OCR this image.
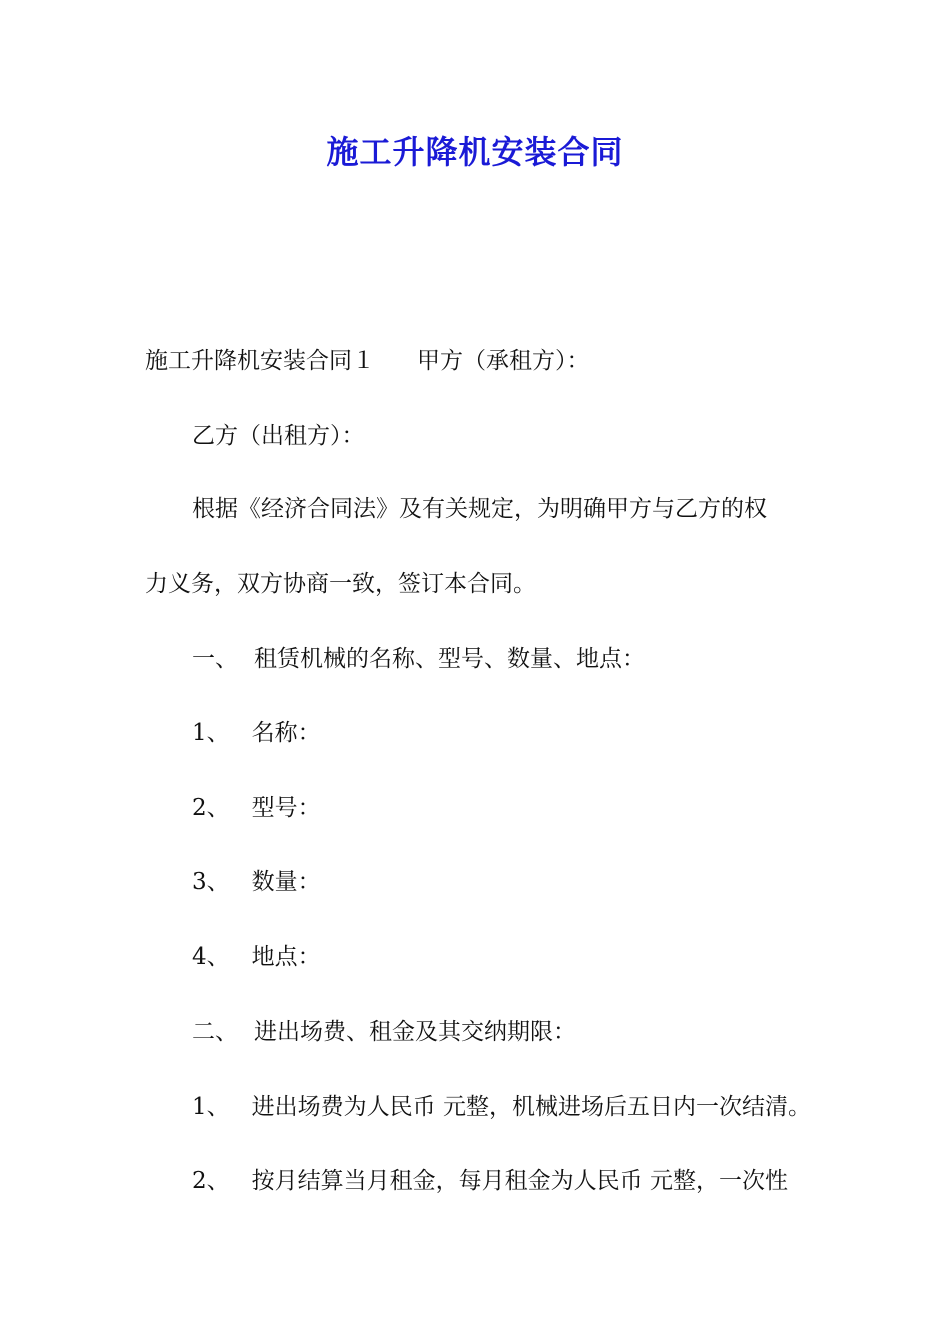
施工升降机安装合同
施工升降机安装合同１ 甲方（承租方）：
乙方（出租方）：
根据《经济合同法》及有关规定，为明确甲方与乙方的权
力义务，双方协商一致，签订本合同。
一、 租赁机械的名称、型号、数量、地点：
1、 名称：
2、 型号：
3、 数量：
4、 地点：
二、 进出场费、租金及其交纳期限：
1、 进出场费为人民币 元整，机械进场后五日内一次结清。
2、 按月结算当月租金，每月租金为人民币 元整，一次性
